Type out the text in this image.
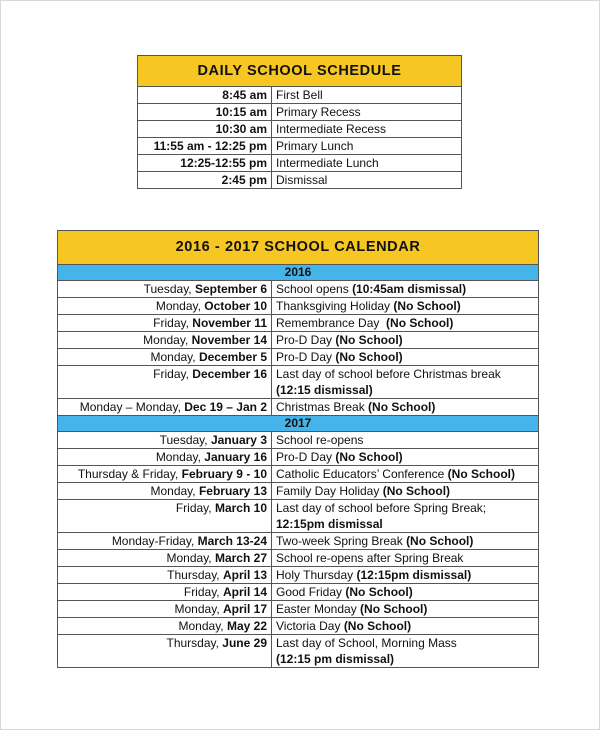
DAILY SCHOOL SCHEDULE	
8:45 am	First Bell
10:15 am	Primary Recess
10:30 am	Intermediate Recess
11:55 am - 12:25 pm	Primary Lunch
12:25-12:55 pm	Intermediate Lunch
2:45 pm	Dismissal
2016 - 2017 SCHOOL CALENDAR	
2016	
Tuesday, September 6	School opens (10:45am dismissal)
Monday, October 10	Thanksgiving Holiday (No School)
Friday, November 11	Remembrance Day  (No School)
Monday, November 14	Pro-D Day (No School)
Monday, December 5	Pro-D Day (No School)
Friday, December 16	Last day of school before Christmas break
(12:15 dismissal)
Monday – Monday, Dec 19 – Jan 2	Christmas Break (No School)
2017	
Tuesday, January 3	School re-opens
Monday, January 16	Pro-D Day (No School)
Thursday & Friday, February 9 - 10	Catholic Educators’ Conference (No School)
Monday, February 13	Family Day Holiday (No School)
Friday, March 10	Last day of school before Spring Break;
12:15pm dismissal
Monday-Friday, March 13-24	Two-week Spring Break (No School)
Monday, March 27	School re-opens after Spring Break
Thursday, April 13	Holy Thursday (12:15pm dismissal)
Friday, April 14	Good Friday (No School)
Monday, April 17	Easter Monday (No School)
Monday, May 22	Victoria Day (No School)
Thursday, June 29	Last day of School, Morning Mass
(12:15 pm dismissal)
